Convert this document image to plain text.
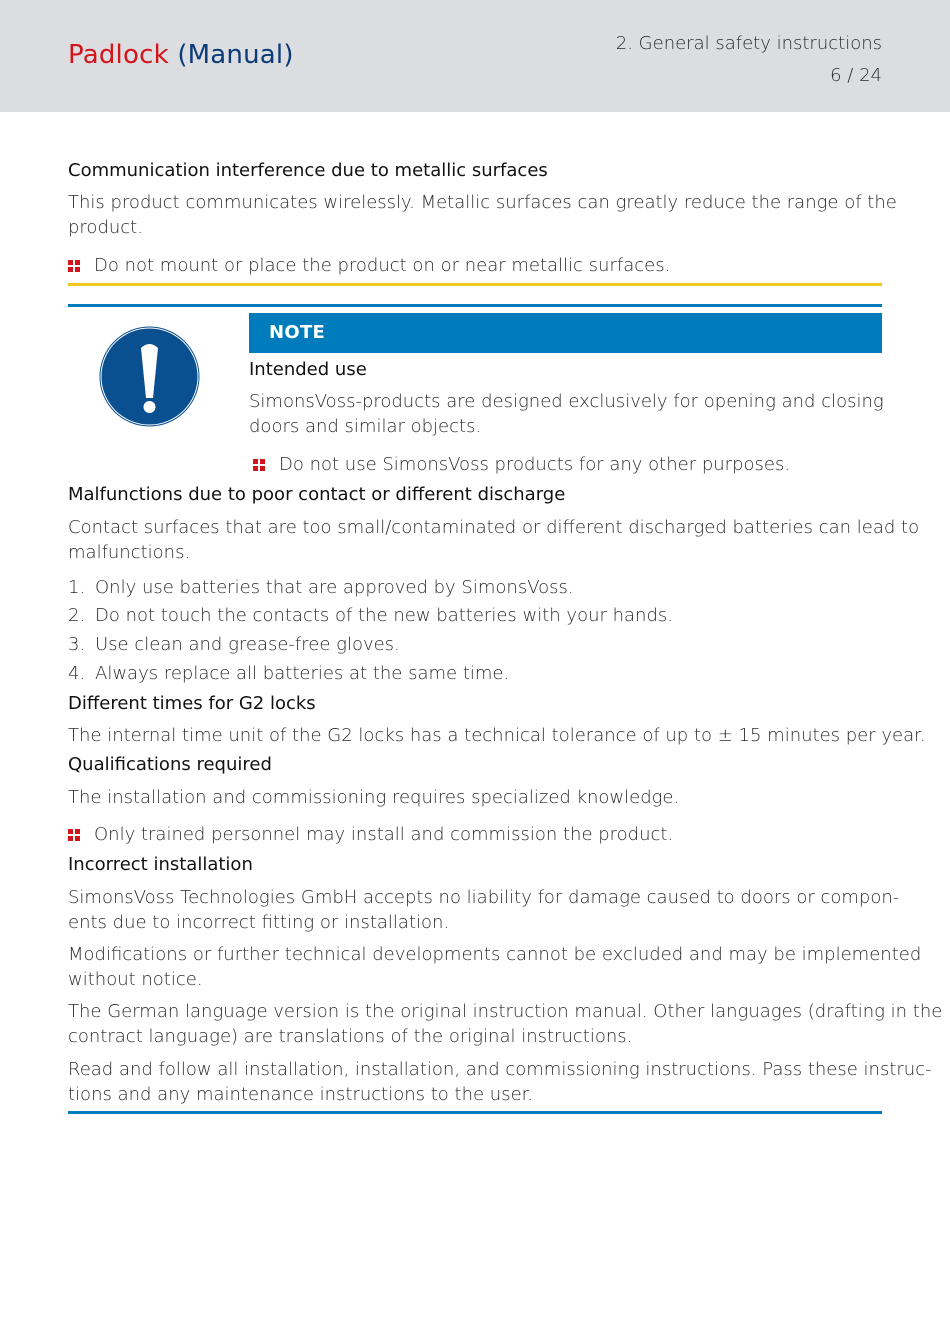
Padlock (Manual)	2. General safety instructions
6 / 24
Communication interference due to metallic surfaces
This product communicates wirelessly. Metallic surfaces can greatly reduce the range of the
product.
Do not mount or place the product on or near metallic surfaces.
NOTE
Intended use
SimonsVoss-products are designed exclusively for opening and closing
doors and similar objects.
Do not use SimonsVoss products for any other purposes.
Malfunctions due to poor contact or different discharge
Contact surfaces that are too small/contaminated or different discharged batteries can lead to
malfunctions.
1. Only use batteries that are approved by SimonsVoss.
2. Do not touch the contacts of the new batteries with your hands.
3. Use clean and grease-free gloves.
4. Always replace all batteries at the same time.
Different times for G2 locks
The internal time unit of the G2 locks has a technical tolerance of up to ± 15 minutes per year.
Qualifications required
The installation and commissioning requires specialized knowledge.
Only trained personnel may install and commission the product.
Incorrect installation
SimonsVoss Technologies GmbH accepts no liability for damage caused to doors or compon-
ents due to incorrect fitting or installation.
Modifications or further technical developments cannot be excluded and may be implemented
without notice.
The German language version is the original instruction manual. Other languages (drafting in the
contract language) are translations of the original instructions.
Read and follow all installation, installation, and commissioning instructions. Pass these instruc-
tions and any maintenance instructions to the user.
